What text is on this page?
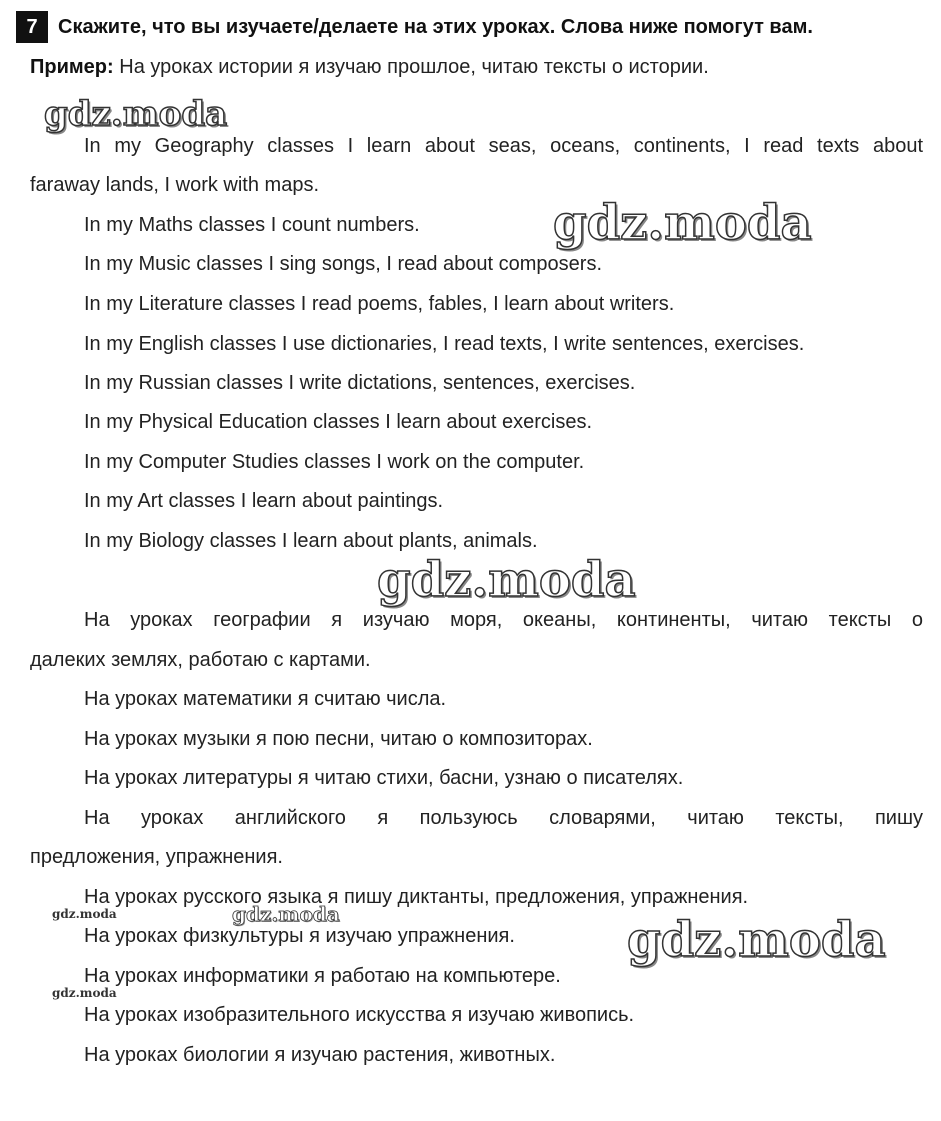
7	Скажите, что вы изучаете/делаете на этих уроках. Слова ниже помогут вам.
Пример: На уроках истории я изучаю прошлое, читаю тексты о истории.
In my Geography classes I learn about seas, oceans, continents, I read texts about
faraway lands, I work with maps.
In my Maths classes I count numbers.
In my Music classes I sing songs, I read about composers.
In my Literature classes I read poems, fables, I learn about writers.
In my English classes I use dictionaries, I read texts, I write sentences, exercises.
In my Russian classes I write dictations, sentences, exercises.
In my Physical Education classes I learn about exercises.
In my Computer Studies classes I work on the computer.
In my Art classes I learn about paintings.
In my Biology classes I learn about plants, animals.
На уроках географии я изучаю моря, океаны, континенты, читаю тексты о
далеких землях, работаю с картами.
На уроках математики я считаю числа.
На уроках музыки я пою песни, читаю о композиторах.
На уроках литературы я читаю стихи, басни, узнаю о писателях.
На уроках английского я пользуюсь словарями, читаю тексты, пишу
предложения, упражнения.
На уроках русского языка я пишу диктанты, предложения, упражнения.
На уроках физкультуры я изучаю упражнения.
На уроках информатики я работаю на компьютере.
На уроках изобразительного искусства я изучаю живопись.
На уроках биологии я изучаю растения, животных.
gdz.moda
gdz.moda
gdz.moda
gdz.moda
gdz.moda
gdz.moda
gdz.moda
